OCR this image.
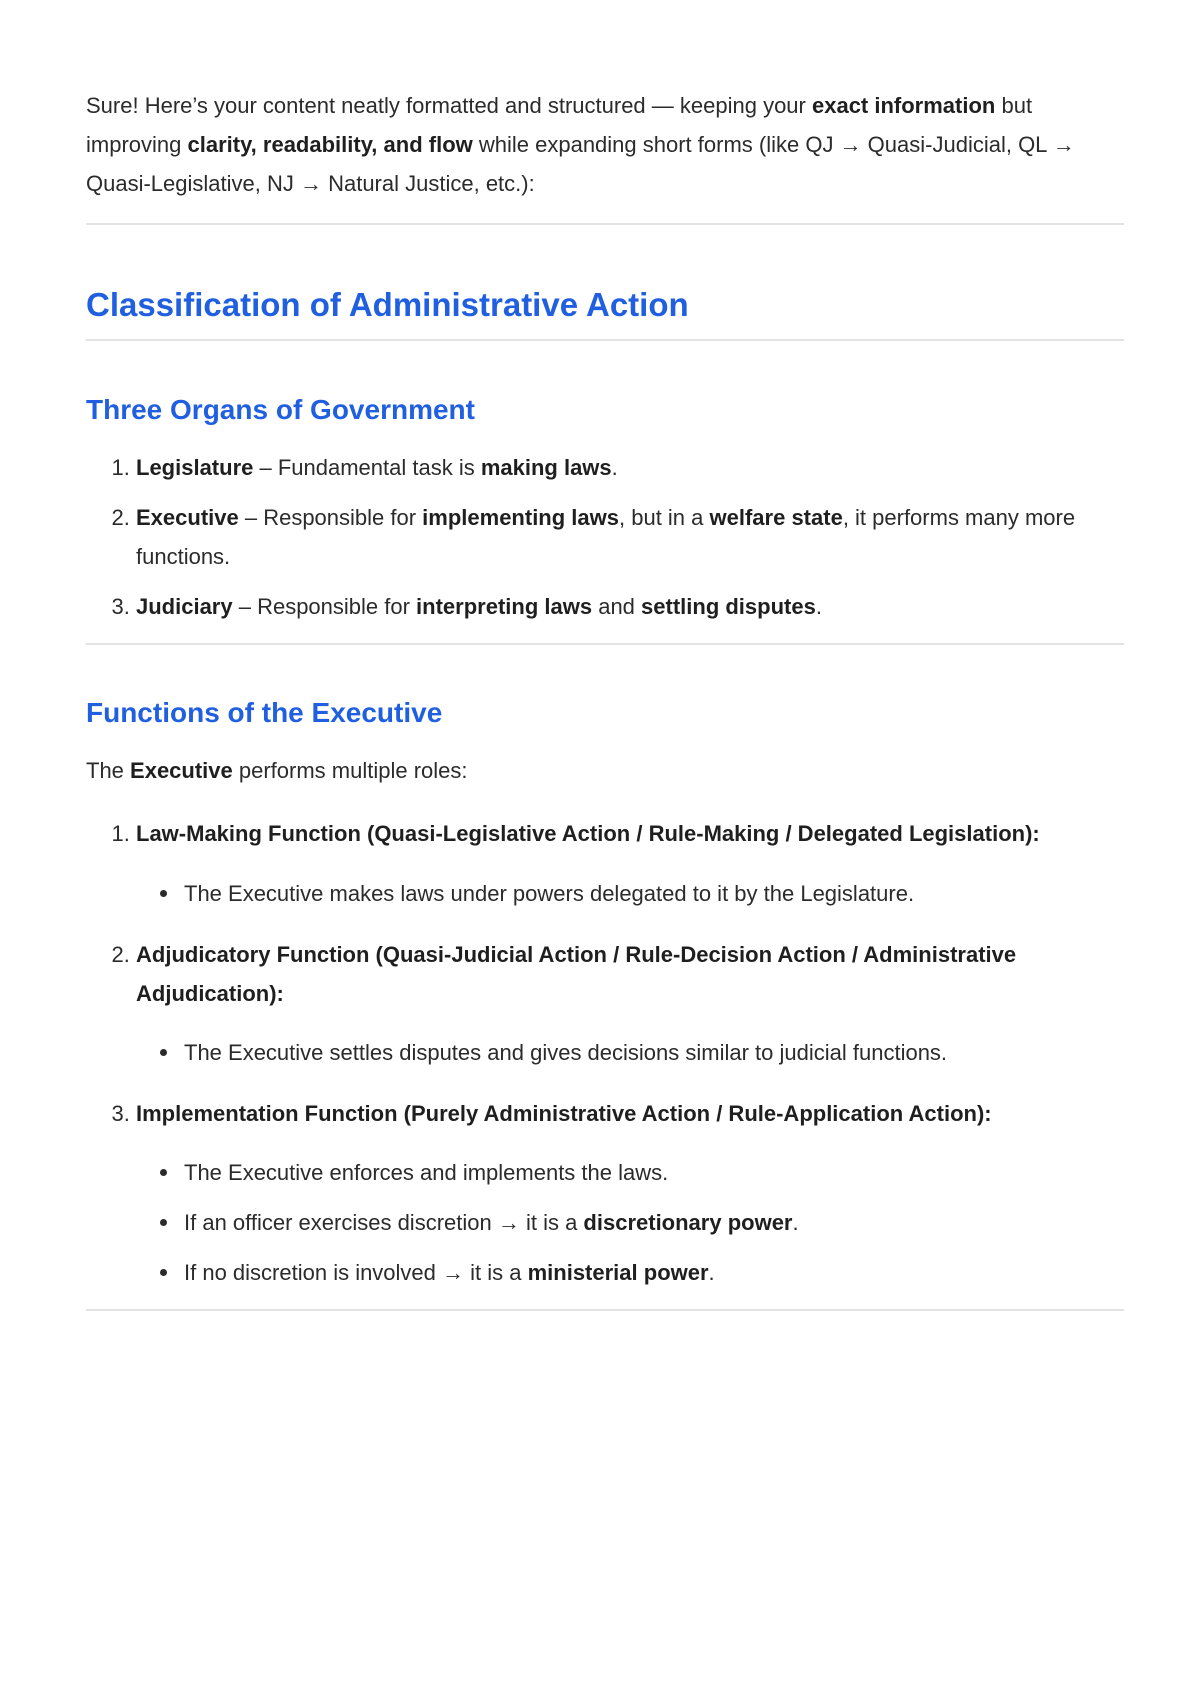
Sure! Here’s your content neatly formatted and structured — keeping your exact information but improving clarity, readability, and flow while expanding short forms (like QJ → Quasi-Judicial, QL → Quasi-Legislative, NJ → Natural Justice, etc.):

Classification of Administrative Action
Three Organs of Government
1. Legislature – Fundamental task is making laws.
2. Executive – Responsible for implementing laws, but in a welfare state, it performs many more functions.
3. Judiciary – Responsible for interpreting laws and settling disputes.
Functions of the Executive

The Executive performs multiple roles:

1. Law-Making Function (Quasi-Legislative Action / Rule-Making / Delegated Legislation):
The Executive makes laws under powers delegated to it by the Legislature.
2. Adjudicatory Function (Quasi-Judicial Action / Rule-Decision Action / Administrative Adjudication):
The Executive settles disputes and gives decisions similar to judicial functions.
3. Implementation Function (Purely Administrative Action / Rule-Application Action):
The Executive enforces and implements the laws.
If an officer exercises discretion → it is a discretionary power.
If no discretion is involved → it is a ministerial power.
